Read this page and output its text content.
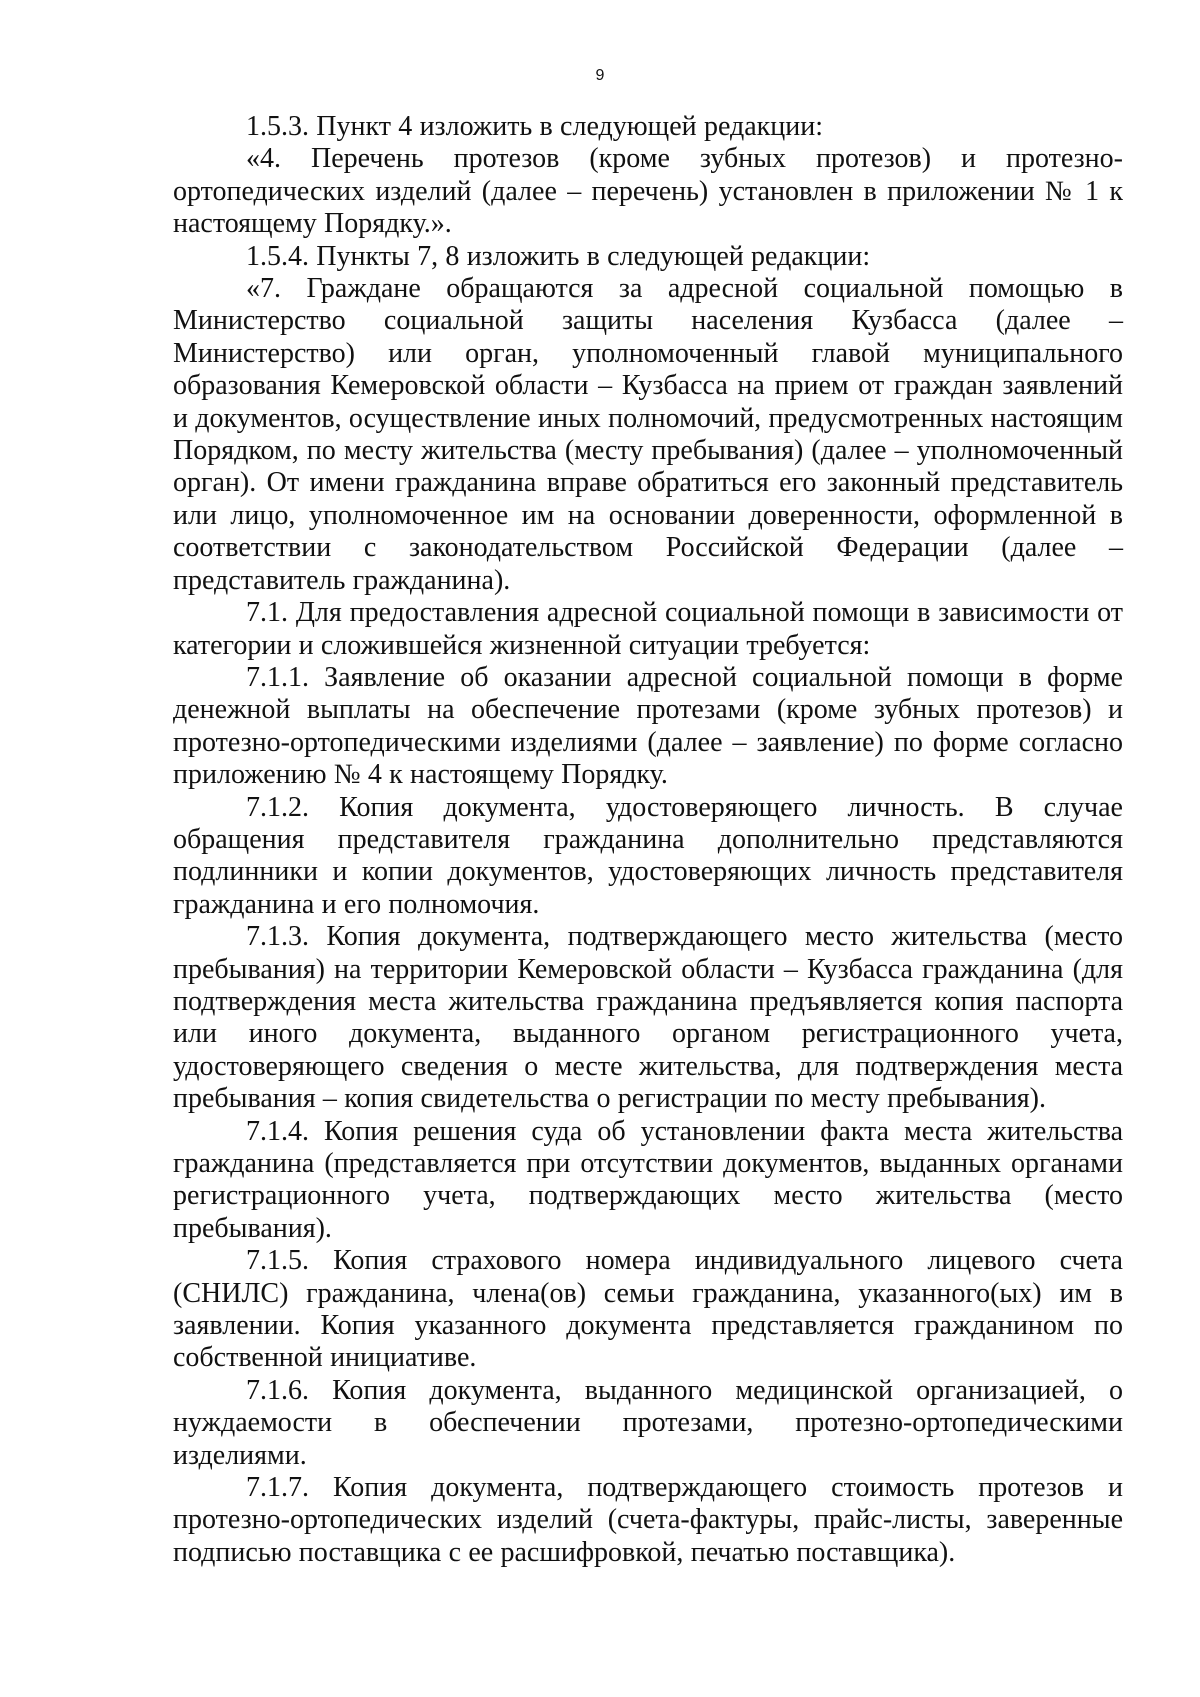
9

1.5.3. Пункт 4 изложить в следующей редакции:

«4. Перечень протезов (кроме зубных протезов) и протезно-ортопедических изделий (далее – перечень) установлен в приложении № 1 к настоящему Порядку.».

1.5.4. Пункты 7, 8 изложить в следующей редакции:

«7. Граждане обращаются за адресной социальной помощью в Министерство социальной защиты населения Кузбасса (далее – Министерство) или орган, уполномоченный главой муниципального образования Кемеровской области – Кузбасса на прием от граждан заявлений и документов, осуществление иных полномочий, предусмотренных настоящим Порядком, по месту жительства (месту пребывания) (далее – уполномоченный орган). От имени гражданина вправе обратиться его законный представитель или лицо, уполномоченное им на основании доверенности, оформленной в соответствии с законодательством Российской Федерации (далее – представитель гражданина).

7.1. Для предоставления адресной социальной помощи в зависимости от категории и сложившейся жизненной ситуации требуется:

7.1.1. Заявление об оказании адресной социальной помощи в форме денежной выплаты на обеспечение протезами (кроме зубных протезов) и протезно-ортопедическими изделиями (далее – заявление) по форме согласно приложению № 4 к настоящему Порядку.

7.1.2. Копия документа, удостоверяющего личность. В случае обращения представителя гражданина дополнительно представляются подлинники и копии документов, удостоверяющих личность представителя гражданина и его полномочия.

7.1.3. Копия документа, подтверждающего место жительства (место пребывания) на территории Кемеровской области – Кузбасса гражданина (для подтверждения места жительства гражданина предъявляется копия паспорта или иного документа, выданного органом регистрационного учета, удостоверяющего сведения о месте жительства, для подтверждения места пребывания – копия свидетельства о регистрации по месту пребывания).

7.1.4. Копия решения суда об установлении факта места жительства гражданина (представляется при отсутствии документов, выданных органами регистрационного учета, подтверждающих место жительства (место пребывания).

7.1.5. Копия страхового номера индивидуального лицевого счета (СНИЛС) гражданина, члена(ов) семьи гражданина, указанного(ых) им в заявлении. Копия указанного документа представляется гражданином по собственной инициативе.

7.1.6. Копия документа, выданного медицинской организацией, о нуждаемости в обеспечении протезами, протезно-ортопедическими изделиями.

7.1.7. Копия документа, подтверждающего стоимость протезов и протезно-ортопедических изделий (счета-фактуры, прайс-листы, заверенные подписью поставщика с ее расшифровкой, печатью поставщика).
